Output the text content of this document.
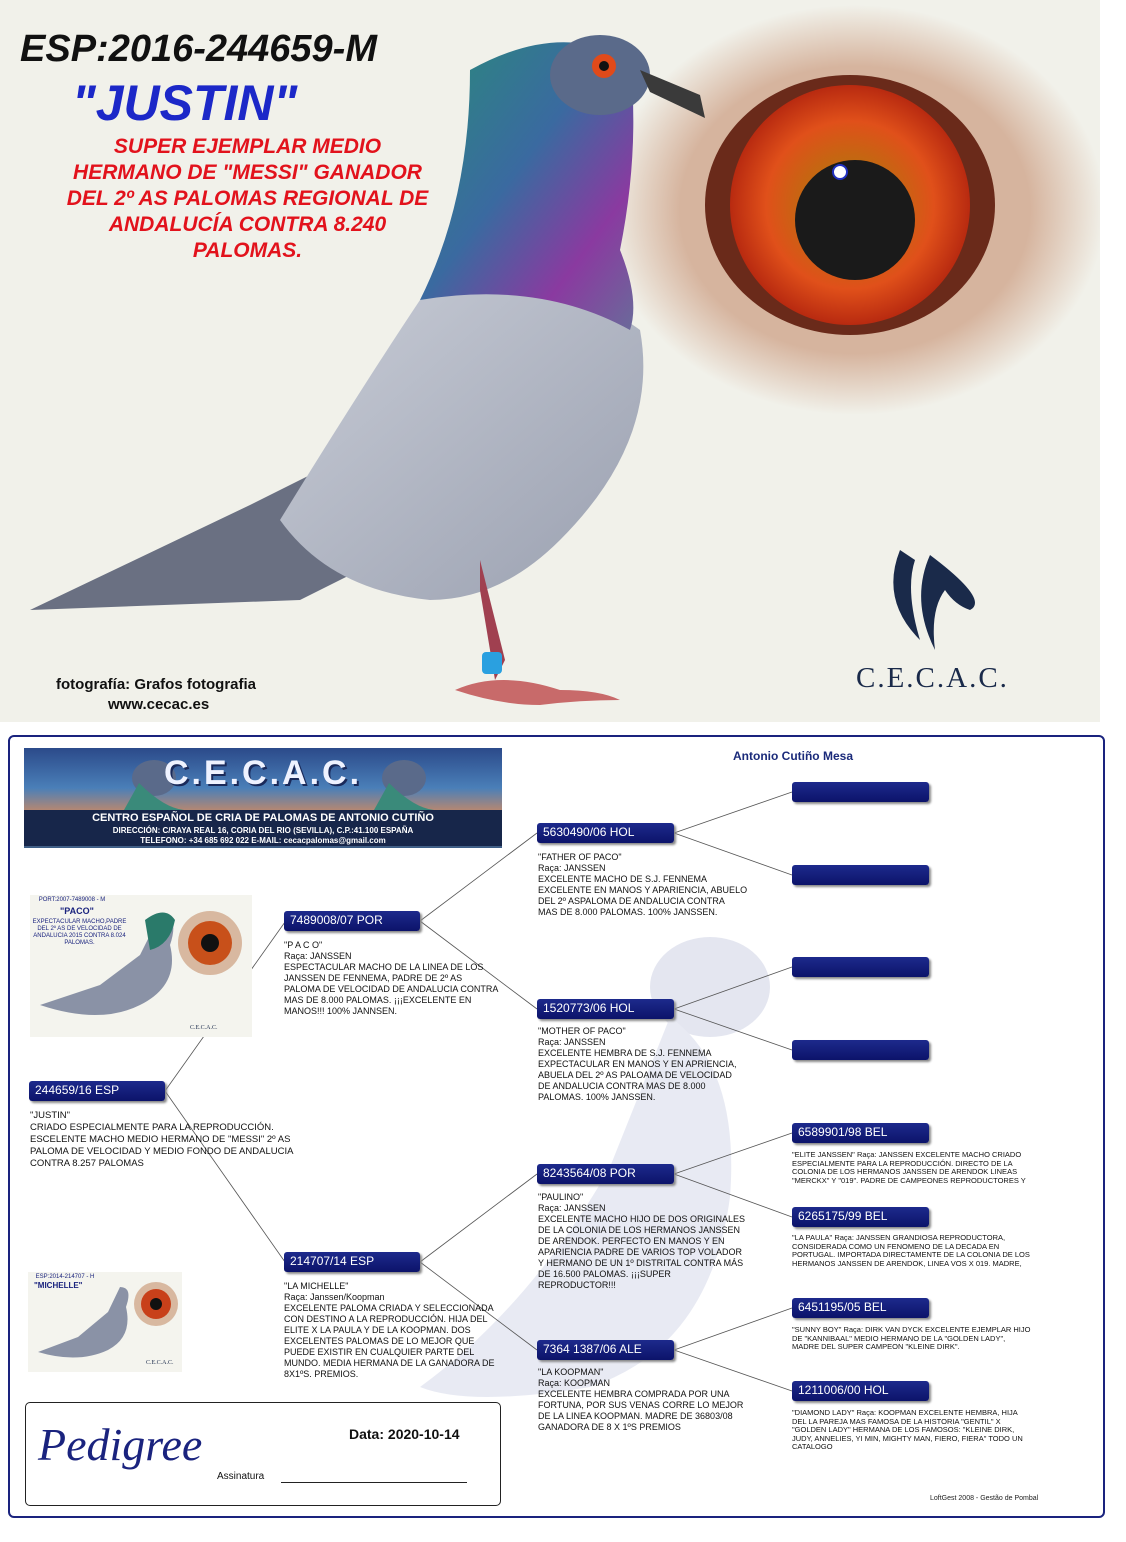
ESP:2016-244659-M
"JUSTIN"
SUPER EJEMPLAR MEDIO
HERMANO DE "MESSI" GANADOR
DEL 2º AS PALOMAS REGIONAL DE
ANDALUCÍA CONTRA 8.240
PALOMAS.
fotografía: Grafos fotografia
www.cecac.es
C.E.C.A.C.
Antonio Cutiño Mesa
C.E.C.A.C.
CENTRO ESPAÑOL DE CRIA DE PALOMAS DE ANTONIO CUTIÑO
DIRECCIÓN: C/RAYA REAL 16, CORIA DEL RIO (SEVILLA), C.P.:41.100 ESPAÑA
TELEFONO: +34 685 692 022 E-MAIL: cecacpalomas@gmail.com
PORT:2007-7489008 - M
"PACO"
EXPECTACULAR MACHO,PADRE DEL 2º AS DE VELOCIDAD DE ANDALUCIA 2015 CONTRA 8.024 PALOMAS.
C.E.C.A.C.
ESP:2014-214707 - H
"MICHELLE"
C.E.C.A.C.
244659/16 ESP
"JUSTIN"
CRIADO ESPECIALMENTE PARA LA REPRODUCCIÓN.
ESCELENTE MACHO MEDIO HERMANO DE "MESSI" 2º AS
PALOMA DE VELOCIDAD Y MEDIO FONDO DE ANDALUCIA
CONTRA 8.257 PALOMAS
7489008/07 POR
"P A C O"
Raça: JANSSEN
ESPECTACULAR MACHO DE LA LINEA DE LOS
JANSSEN DE FENNEMA, PADRE DE 2º AS
PALOMA DE VELOCIDAD DE ANDALUCIA CONTRA
MAS DE 8.000 PALOMAS. ¡¡¡EXCELENTE EN
MANOS!!! 100% JANNSEN.
214707/14 ESP
"LA MICHELLE"
Raça: Janssen/Koopman
EXCELENTE PALOMA CRIADA Y SELECCIONADA
CON DESTINO A LA REPRODUCCIÓN. HIJA DEL
ELITE X LA PAULA Y DE LA KOOPMAN. DOS
EXCELENTES PALOMAS DE LO MEJOR QUE
PUEDE EXISTIR EN CUALQUIER PARTE DEL
MUNDO. MEDIA HERMANA DE LA GANADORA DE
8X1ºS. PREMIOS.
5630490/06 HOL
"FATHER OF PACO"
Raça: JANSSEN
EXCELENTE MACHO DE S.J. FENNEMA
EXCELENTE EN MANOS Y APARIENCIA, ABUELO
DEL 2º ASPALOMA DE ANDALUCIA CONTRA
MAS DE 8.000 PALOMAS. 100% JANSSEN.
1520773/06 HOL
"MOTHER OF PACO"
Raça: JANSSEN
EXCELENTE HEMBRA DE S.J. FENNEMA
EXPECTACULAR EN MANOS Y EN APRIENCIA,
ABUELA DEL 2º AS PALOAMA DE VELOCIDAD
DE ANDALUCIA CONTRA MAS DE 8.000
PALOMAS. 100% JANSSEN.
8243564/08 POR
"PAULINO"
Raça: JANSSEN
EXCELENTE MACHO HIJO DE DOS ORIGINALES
DE LA COLONIA DE LOS HERMANOS JANSSEN
DE ARENDOK. PERFECTO EN MANOS Y EN
APARIENCIA PADRE DE VARIOS TOP VOLADOR
Y HERMANO DE UN 1º DISTRITAL CONTRA MÁS
DE 16.500 PALOMAS. ¡¡¡SUPER
REPRODUCTOR!!!
7364 1387/06 ALE
"LA KOOPMAN"
Raça: KOOPMAN
EXCELENTE HEMBRA COMPRADA POR UNA
FORTUNA, POR SUS VENAS CORRE LO MEJOR
DE LA LINEA KOOPMAN. MADRE DE 36803/08
GANADORA DE 8 X 1ºS PREMIOS
6589901/98 BEL
"ELITE JANSSEN" Raça: JANSSEN EXCELENTE MACHO CRIADO ESPECIALMENTE PARA LA REPRODUCCIÓN. DIRECTO DE LA COLONIA DE LOS HERMANOS JANSSEN DE ARENDOK LINEAS "MERCKX" Y "019". PADRE DE CAMPEONES REPRODUCTORES Y
6265175/99 BEL
"LA PAULA" Raça: JANSSEN GRANDIOSA REPRODUCTORA, CONSIDERADA COMO UN FENOMENO DE LA DECADA EN PORTUGAL. IMPORTADA DIRECTAMENTE DE LA COLONIA DE LOS HERMANOS JANSSEN DE ARENDOK, LINEA VOS X 019. MADRE,
6451195/05 BEL
"SUNNY BOY" Raça: DIRK VAN DYCK EXCELENTE EJEMPLAR HIJO DE "KANNIBAAL" MEDIO HERMANO DE LA "GOLDEN LADY", MADRE DEL SUPER CAMPEON "KLEINE DIRK".
1211006/00 HOL
"DIAMOND LADY" Raça: KOOPMAN EXCELENTE HEMBRA, HIJA DEL LA PAREJA MAS FAMOSA DE LA HISTORIA "GENTIL" X "GOLDEN LADY" HERMANA DE LOS FAMOSOS: "KLEINE DIRK, JUDY, ANNELIES, YI MIN, MIGHTY MAN, FIERO, FIERA" TODO UN CATALOGO
Pedigree	Data: 2020-10-14
Assinatura
LoftGest 2008 - Gestão de Pombal
